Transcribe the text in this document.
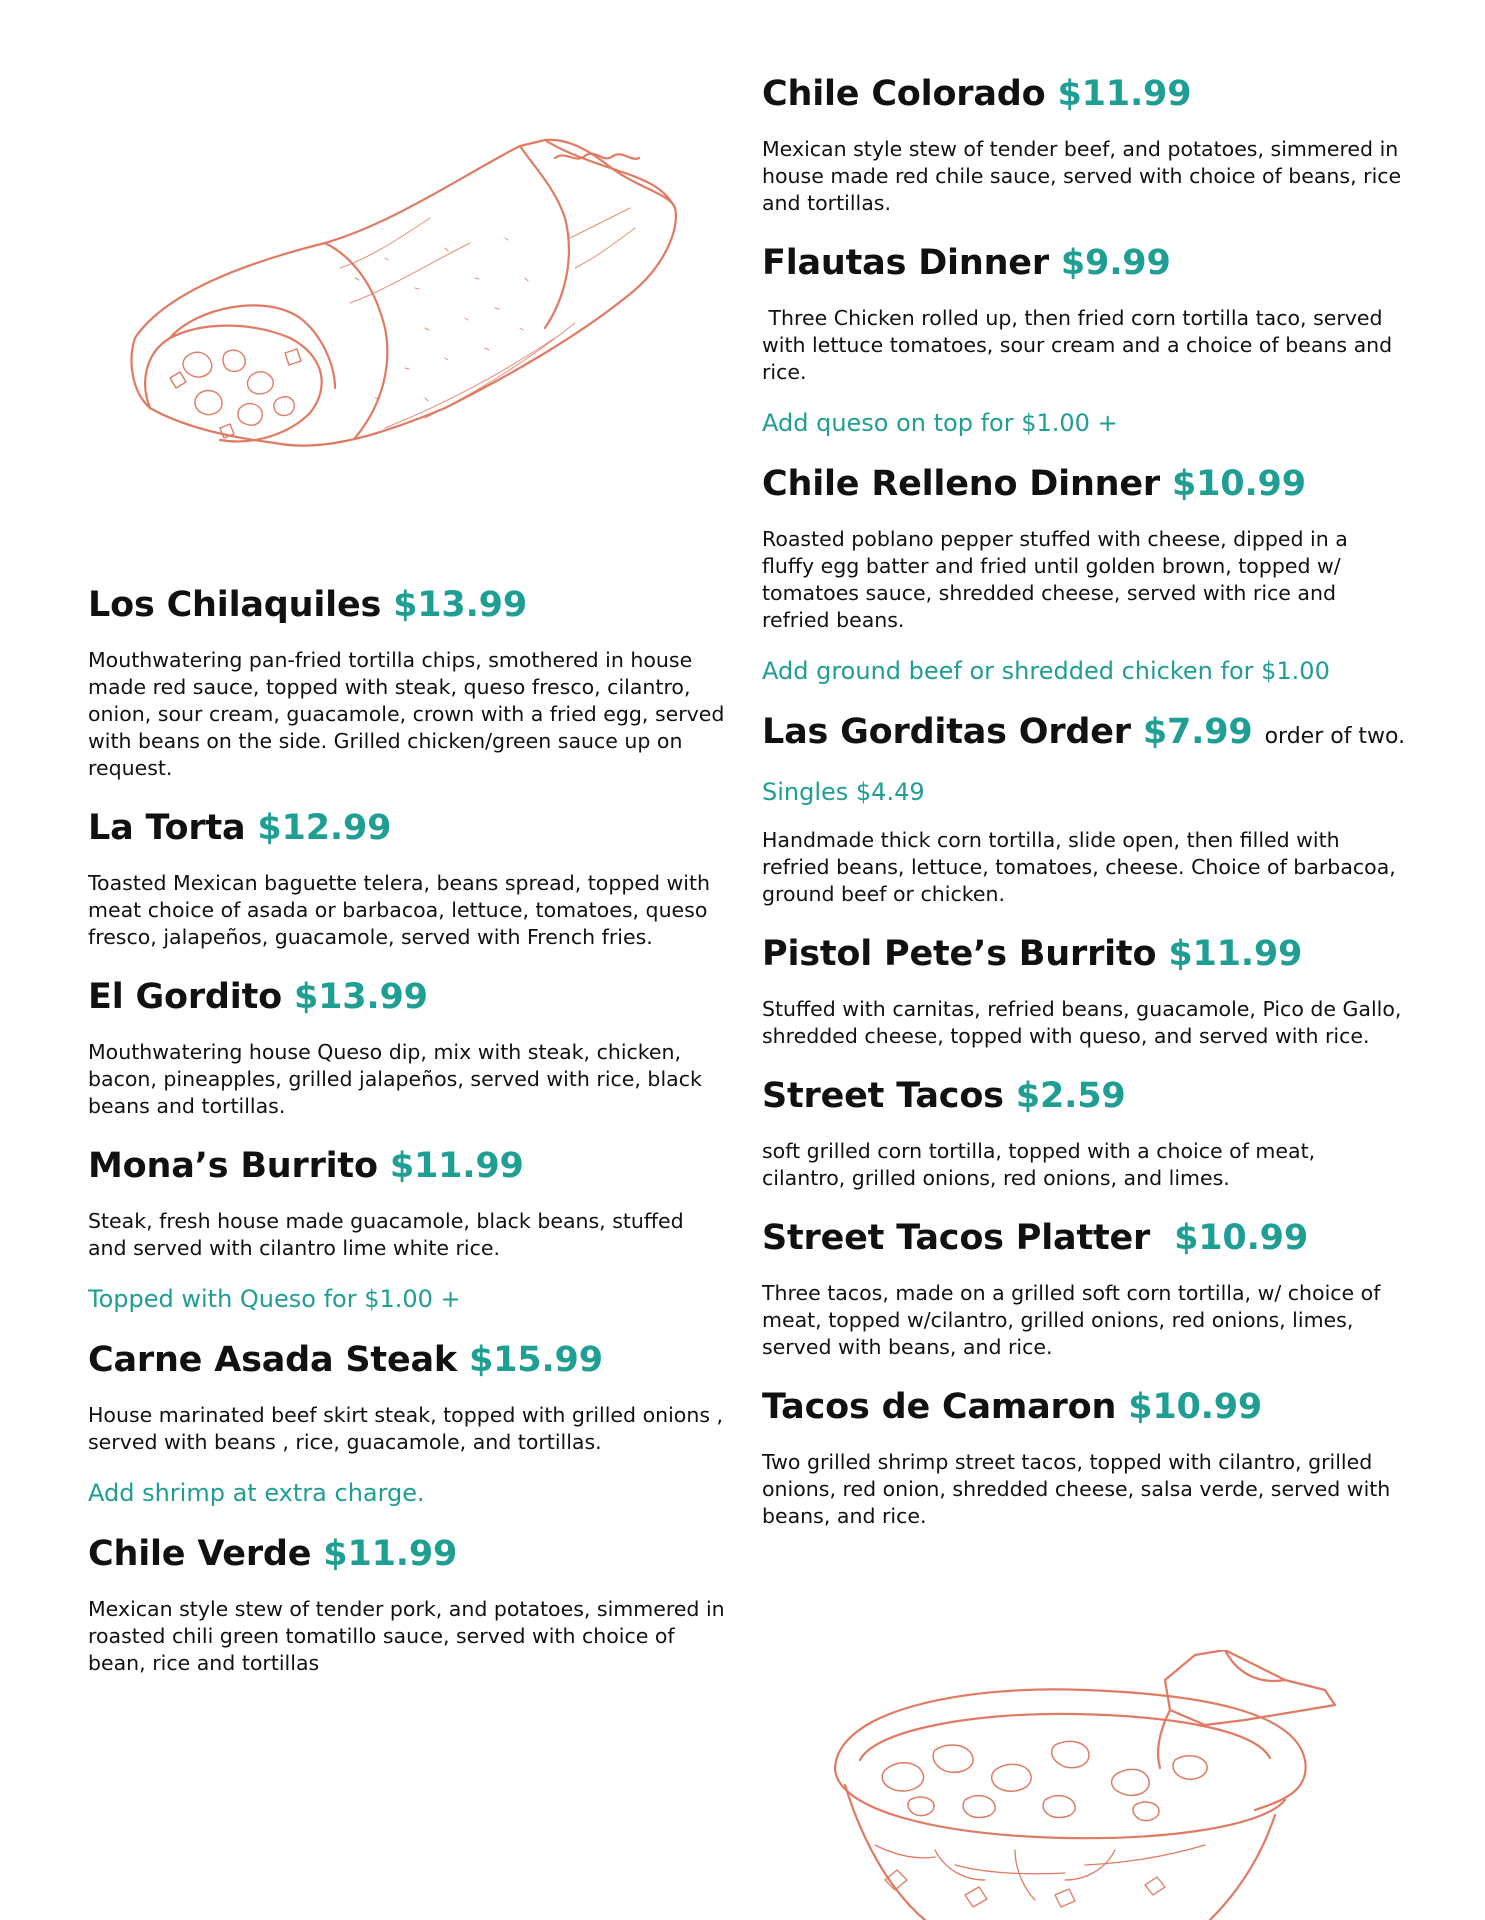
Los Chilaquiles $13.99

Mouthwatering pan-fried tortilla chips, smothered in house made red sauce, topped with steak, queso fresco, cilantro, onion, sour cream, guacamole, crown with a fried egg, served with beans on the side. Grilled chicken/green sauce up on request.

La Torta $12.99

Toasted Mexican baguette telera, beans spread, topped with meat choice of asada or barbacoa, lettuce, tomatoes, queso fresco, jalapeños, guacamole, served with French fries.

El Gordito $13.99

Mouthwatering house Queso dip, mix with steak, chicken, bacon, pineapples, grilled jalapeños, served with rice, black beans and tortillas.

Mona’s Burrito $11.99

Steak, fresh house made guacamole, black beans, stuffed and served with cilantro lime white rice.

Topped with Queso for $1.00 +

Carne Asada Steak $15.99

House marinated beef skirt steak, topped with grilled onions , served with beans , rice, guacamole, and tortillas.

Add shrimp at extra charge.

Chile Verde $11.99

Mexican style stew of tender pork, and potatoes, simmered in roasted chili green tomatillo sauce, served with choice of bean, rice and tortillas

Chile Colorado $11.99

Mexican style stew of tender beef, and potatoes, simmered in house made red chile sauce, served with choice of beans, rice and tortillas.

Flautas Dinner $9.99

Three Chicken rolled up, then fried corn tortilla taco, served with lettuce tomatoes, sour cream and a choice of beans and rice.

Add queso on top for $1.00 +

Chile Relleno Dinner $10.99

Roasted poblano pepper stuffed with cheese, dipped in a fluffy egg batter and fried until golden brown, topped w/ tomatoes sauce, shredded cheese, served with rice and refried beans.

Add ground beef or shredded chicken for $1.00

Las Gorditas Order $7.99 order of two.

Singles $4.49

Handmade thick corn tortilla, slide open, then filled with refried beans, lettuce, tomatoes, cheese. Choice of barbacoa, ground beef or chicken.

Pistol Pete’s Burrito $11.99

Stuffed with carnitas, refried beans, guacamole, Pico de Gallo, shredded cheese, topped with queso, and served with rice.

Street Tacos $2.59

soft grilled corn tortilla, topped with a choice of meat, cilantro, grilled onions, red onions, and limes.

Street Tacos Platter  $10.99

Three tacos, made on a grilled soft corn tortilla, w/ choice of meat, topped w/cilantro, grilled onions, red onions, limes, served with beans, and rice.

Tacos de Camaron $10.99

Two grilled shrimp street tacos, topped with cilantro, grilled onions, red onion, shredded cheese, salsa verde, served with beans, and rice.
